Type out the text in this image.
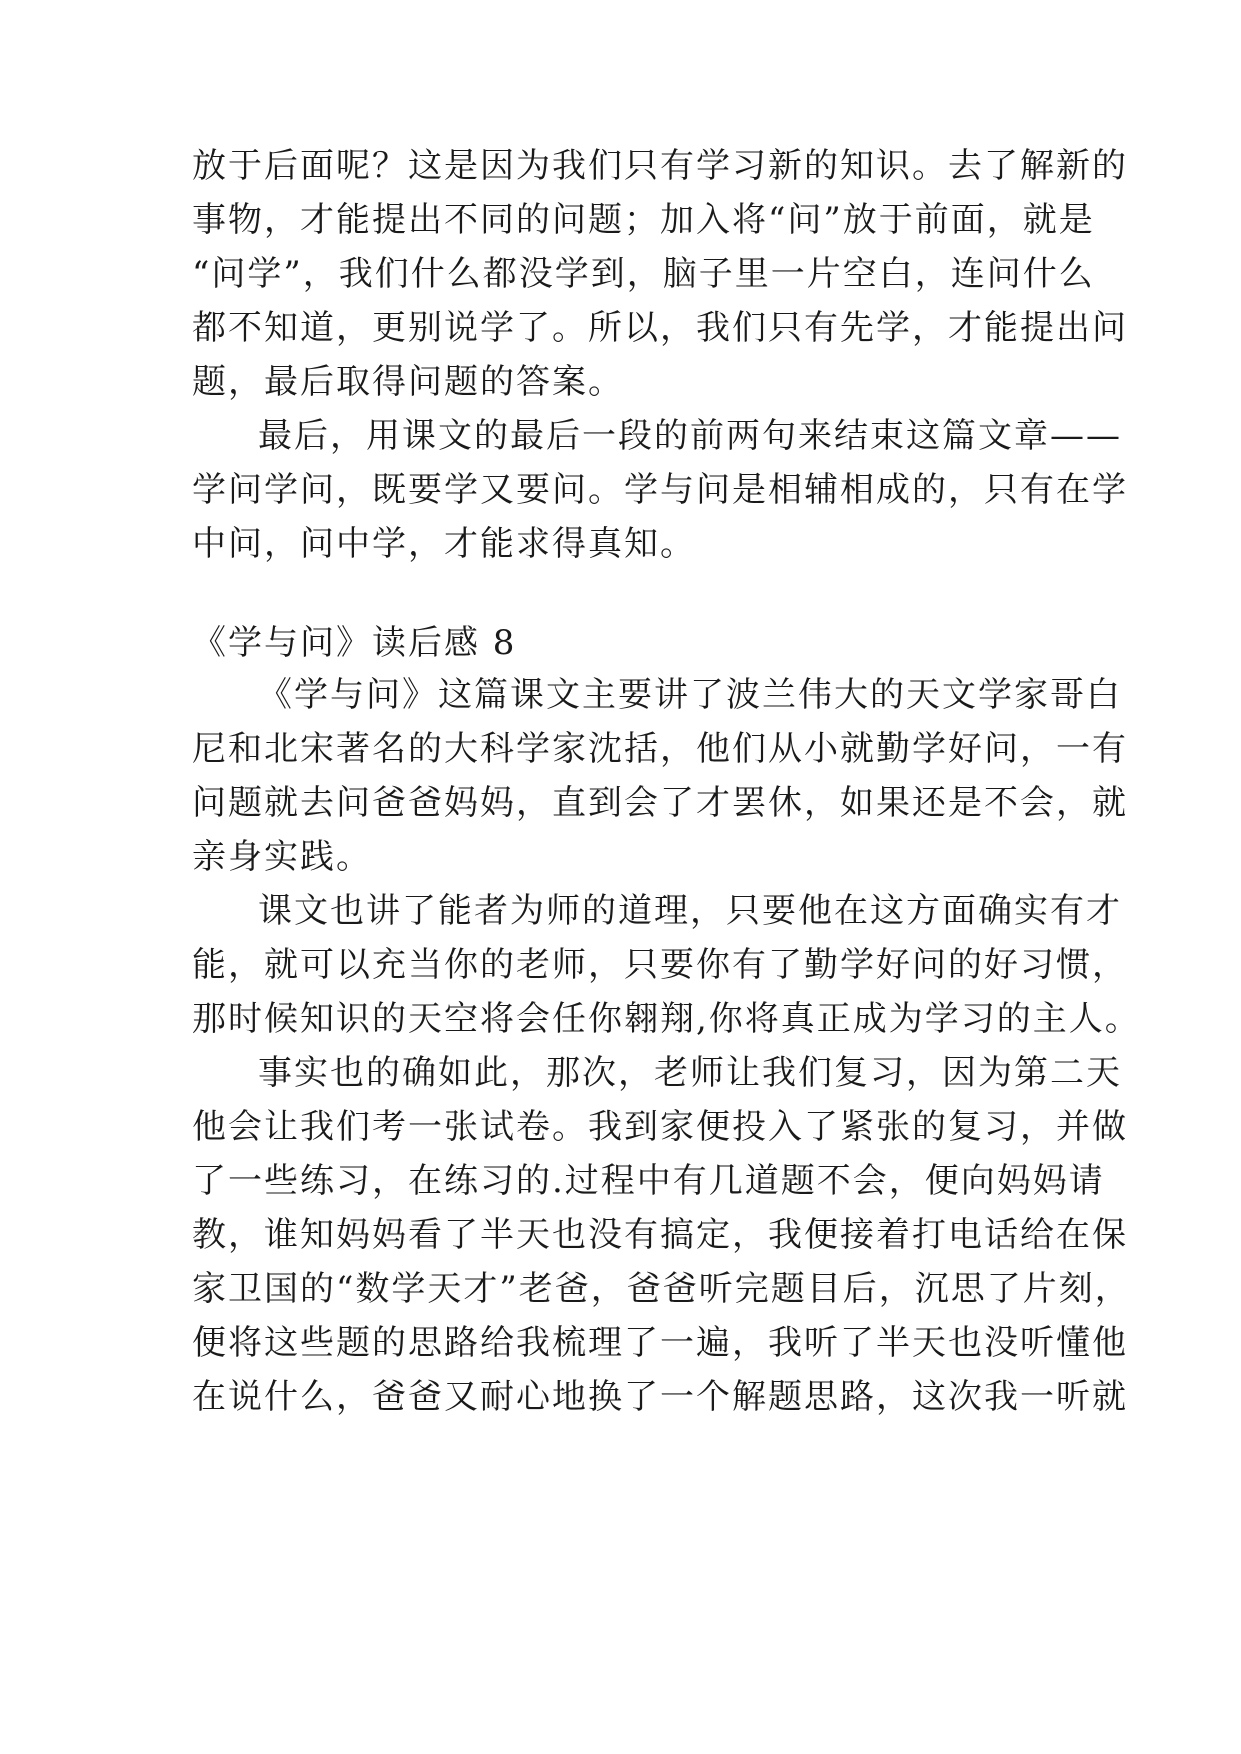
放于后面呢？这是因为我们只有学习新的知识。去了解新的
事物，才能提出不同的问题；加入将“问”放于前面，就是
“问学”，我们什么都没学到，脑子里一片空白，连问什么
都不知道，更别说学了。所以，我们只有先学，才能提出问
题，最后取得问题的答案。
最后，用课文的最后一段的前两句来结束这篇文章——
学问学问，既要学又要问。学与问是相辅相成的，只有在学
中问，问中学，才能求得真知。
《学与问》读后感 8
《学与问》这篇课文主要讲了波兰伟大的天文学家哥白
尼和北宋著名的大科学家沈括，他们从小就勤学好问，一有
问题就去问爸爸妈妈，直到会了才罢休，如果还是不会，就
亲身实践。
课文也讲了能者为师的道理，只要他在这方面确实有才
能，就可以充当你的老师，只要你有了勤学好问的好习惯，
那时候知识的天空将会任你翱翔,你将真正成为学习的主人。
事实也的确如此，那次，老师让我们复习，因为第二天
他会让我们考一张试卷。我到家便投入了紧张的复习，并做
了一些练习，在练习的.过程中有几道题不会，便向妈妈请
教，谁知妈妈看了半天也没有搞定，我便接着打电话给在保
家卫国的“数学天才”老爸，爸爸听完题目后，沉思了片刻，
便将这些题的思路给我梳理了一遍，我听了半天也没听懂他
在说什么，爸爸又耐心地换了一个解题思路，这次我一听就
